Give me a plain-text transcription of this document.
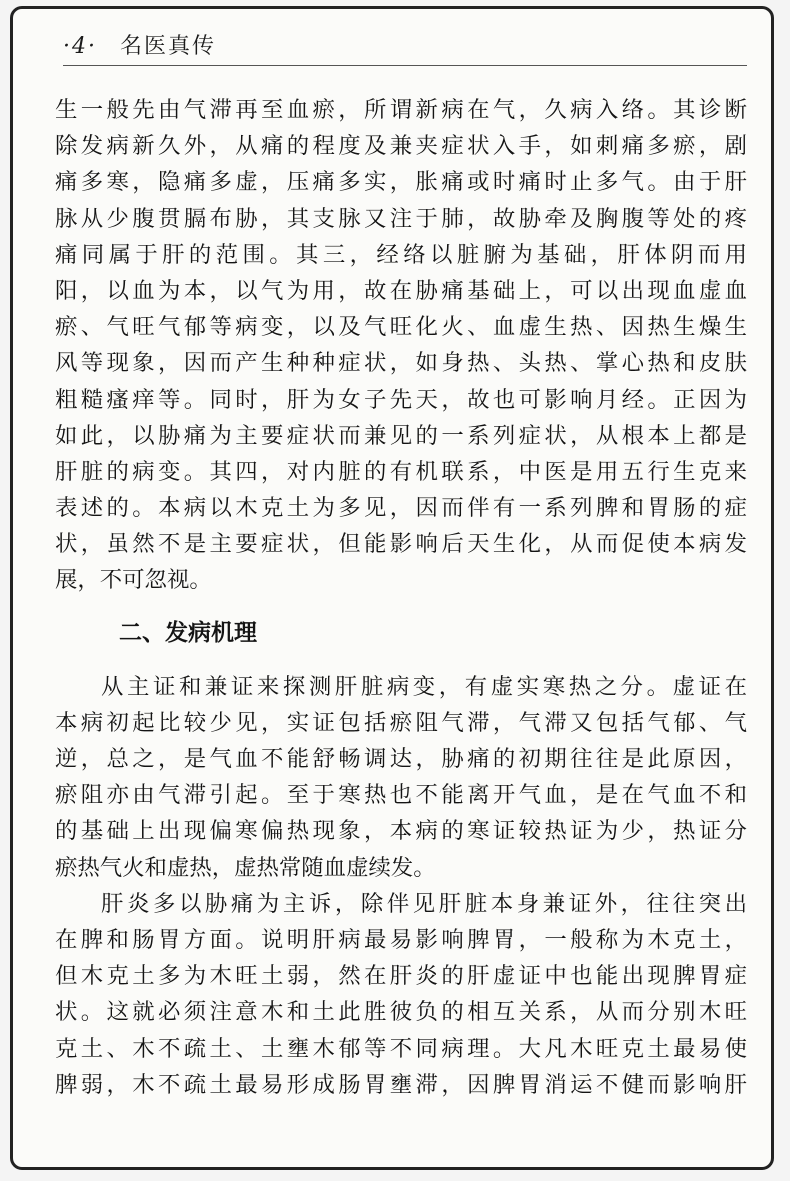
·4· 名医真传
生一般先由气滞再至血瘀，所谓新病在气，久病入络。其诊断
除发病新久外，从痛的程度及兼夹症状入手，如刺痛多瘀，剧
痛多寒，隐痛多虚，压痛多实，胀痛或时痛时止多气。由于肝
脉从少腹贯膈布胁，其支脉又注于肺，故胁牵及胸腹等处的疼
痛同属于肝的范围。其三，经络以脏腑为基础，肝体阴而用
阳，以血为本，以气为用，故在胁痛基础上，可以出现血虚血
瘀、气旺气郁等病变，以及气旺化火、血虚生热、因热生燥生
风等现象，因而产生种种症状，如身热、头热、掌心热和皮肤
粗糙瘙痒等。同时，肝为女子先天，故也可影响月经。正因为
如此，以胁痛为主要症状而兼见的一系列症状，从根本上都是
肝脏的病变。其四，对内脏的有机联系，中医是用五行生克来
表述的。本病以木克土为多见，因而伴有一系列脾和胃肠的症
状，虽然不是主要症状，但能影响后天生化，从而促使本病发
展，不可忽视。
二、发病机理
从主证和兼证来探测肝脏病变，有虚实寒热之分。虚证在
本病初起比较少见，实证包括瘀阻气滞，气滞又包括气郁、气
逆，总之，是气血不能舒畅调达，胁痛的初期往往是此原因，
瘀阻亦由气滞引起。至于寒热也不能离开气血，是在气血不和
的基础上出现偏寒偏热现象，本病的寒证较热证为少，热证分
瘀热气火和虚热，虚热常随血虚续发。
肝炎多以胁痛为主诉，除伴见肝脏本身兼证外，往往突出
在脾和肠胃方面。说明肝病最易影响脾胃，一般称为木克土，
但木克土多为木旺土弱，然在肝炎的肝虚证中也能出现脾胃症
状。这就必须注意木和土此胜彼负的相互关系，从而分别木旺
克土、木不疏土、土壅木郁等不同病理。大凡木旺克土最易使
脾弱，木不疏土最易形成肠胃壅滞，因脾胃消运不健而影响肝
